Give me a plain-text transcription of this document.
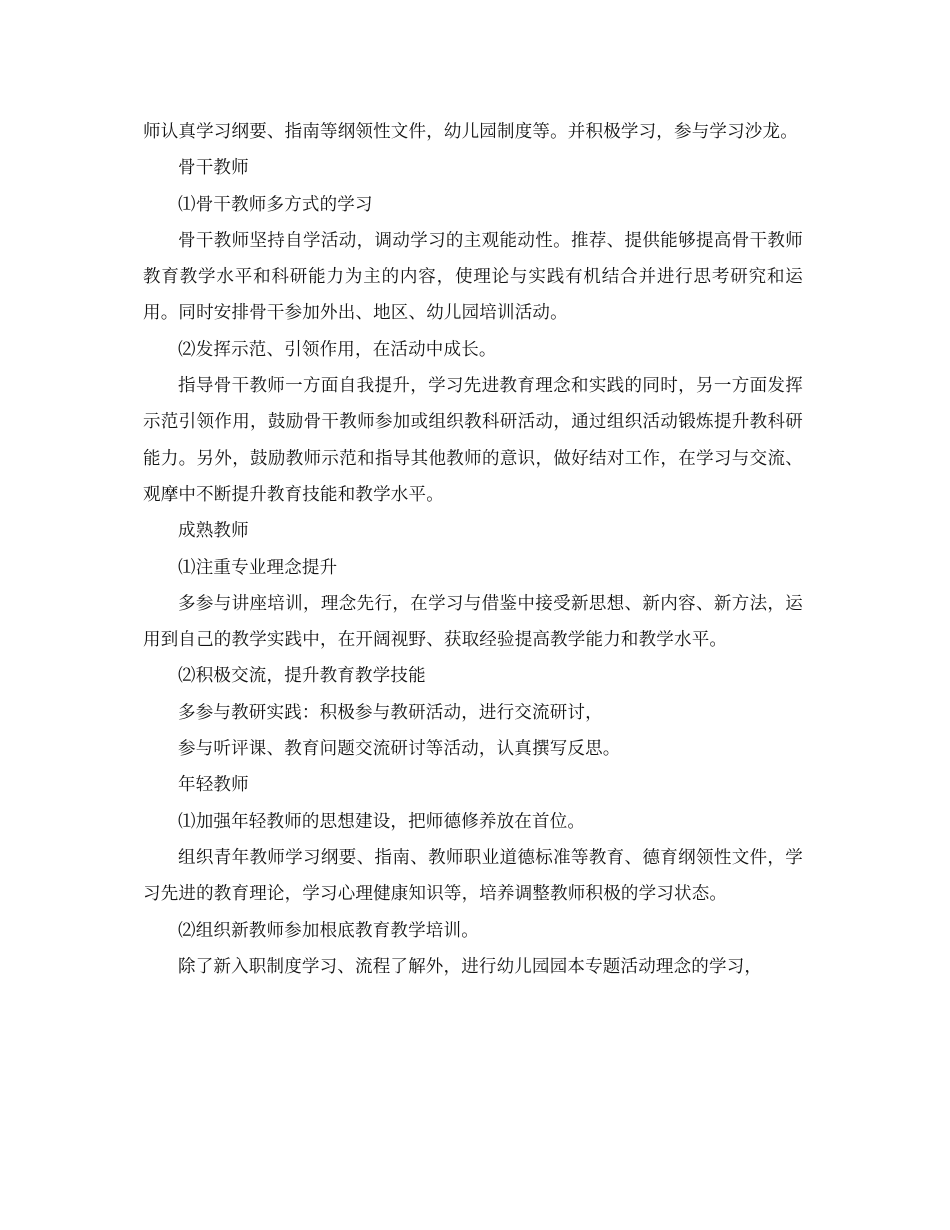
师认真学习纲要、指南等纲领性文件，幼儿园制度等。并积极学习，参与学习沙龙。

骨干教师

⑴骨干教师多方式的学习

骨干教师坚持自学活动，调动学习的主观能动性。推荐、提供能够提高骨干教师教育教学水平和科研能力为主的内容，使理论与实践有机结合并进行思考研究和运用。同时安排骨干参加外出、地区、幼儿园培训活动。

⑵发挥示范、引领作用，在活动中成长。

指导骨干教师一方面自我提升，学习先进教育理念和实践的同时，另一方面发挥示范引领作用，鼓励骨干教师参加或组织教科研活动，通过组织活动锻炼提升教科研能力。另外，鼓励教师示范和指导其他教师的意识，做好结对工作，在学习与交流、观摩中不断提升教育技能和教学水平。

成熟教师

⑴注重专业理念提升

多参与讲座培训，理念先行，在学习与借鉴中接受新思想、新内容、新方法，运用到自己的教学实践中，在开阔视野、获取经验提高教学能力和教学水平。

⑵积极交流，提升教育教学技能

多参与教研实践：积极参与教研活动，进行交流研讨，

参与听评课、教育问题交流研讨等活动，认真撰写反思。

年轻教师

⑴加强年轻教师的思想建设，把师德修养放在首位。

组织青年教师学习纲要、指南、教师职业道德标准等教育、德育纲领性文件，学习先进的教育理论，学习心理健康知识等，培养调整教师积极的学习状态。

⑵组织新教师参加根底教育教学培训。

除了新入职制度学习、流程了解外，进行幼儿园园本专题活动理念的学习，
